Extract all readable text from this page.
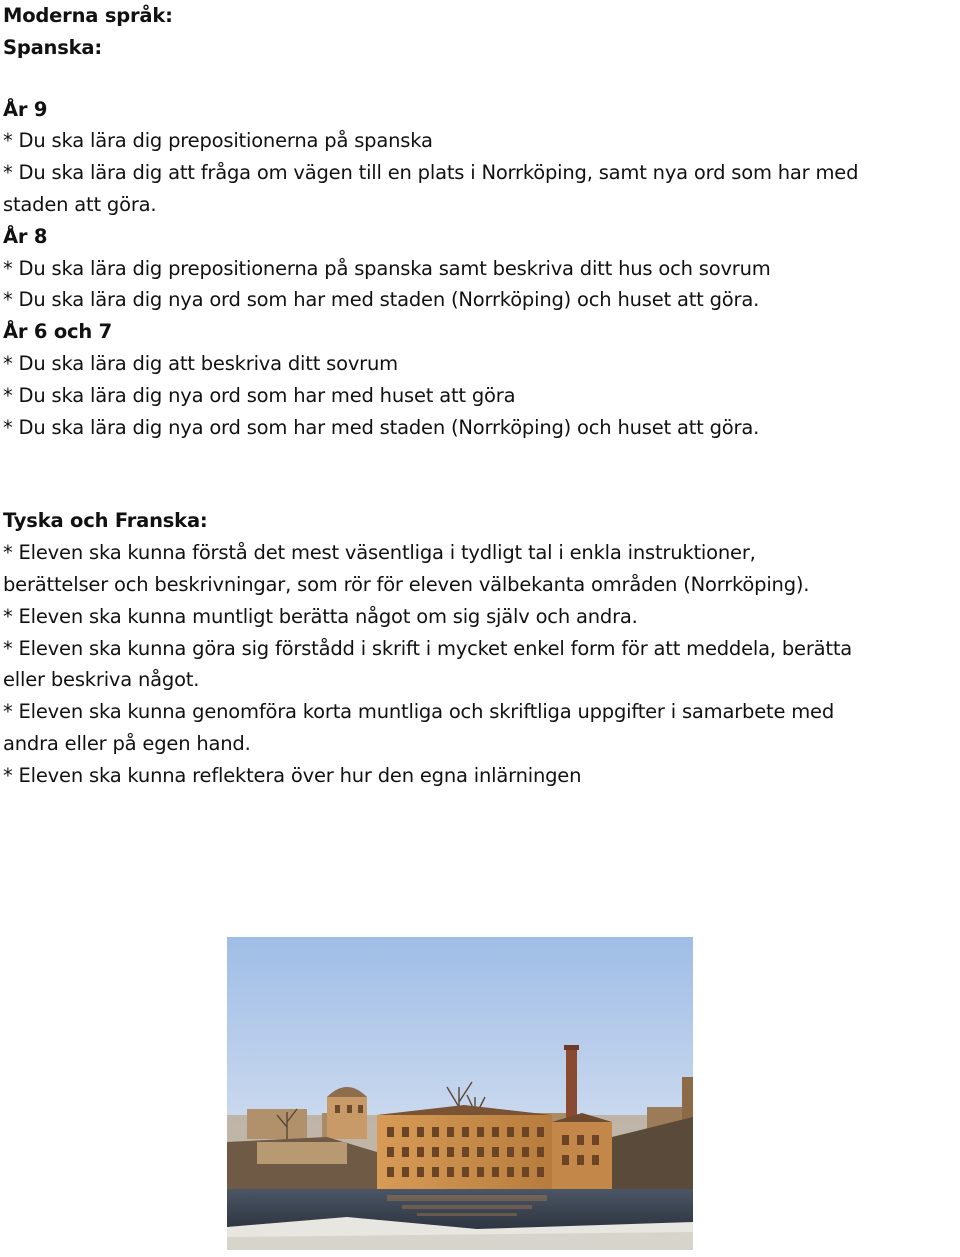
Moderna språk:
Spanska:
År 9
* Du ska lära dig prepositionerna på spanska
* Du ska lära dig att fråga om vägen till en plats i Norrköping, samt nya ord som har med
staden att göra.
År 8
* Du ska lära dig prepositionerna på spanska samt beskriva ditt hus och sovrum
* Du ska lära dig nya ord som har med staden (Norrköping) och huset att göra.
År 6 och 7
* Du ska lära dig att beskriva ditt sovrum
* Du ska lära dig nya ord som har med huset att göra
* Du ska lära dig nya ord som har med staden (Norrköping) och huset att göra.
Tyska och Franska:
* Eleven ska kunna förstå det mest väsentliga i tydligt tal i enkla instruktioner,
berättelser och beskrivningar, som rör för eleven välbekanta områden (Norrköping).
* Eleven ska kunna muntligt berätta något om sig själv och andra.
* Eleven ska kunna göra sig förstådd i skrift i mycket enkel form för att meddela, berätta
eller beskriva något.
* Eleven ska kunna genomföra korta muntliga och skriftliga uppgifter i samarbete med
andra eller på egen hand.
* Eleven ska kunna reflektera över hur den egna inlärningen
